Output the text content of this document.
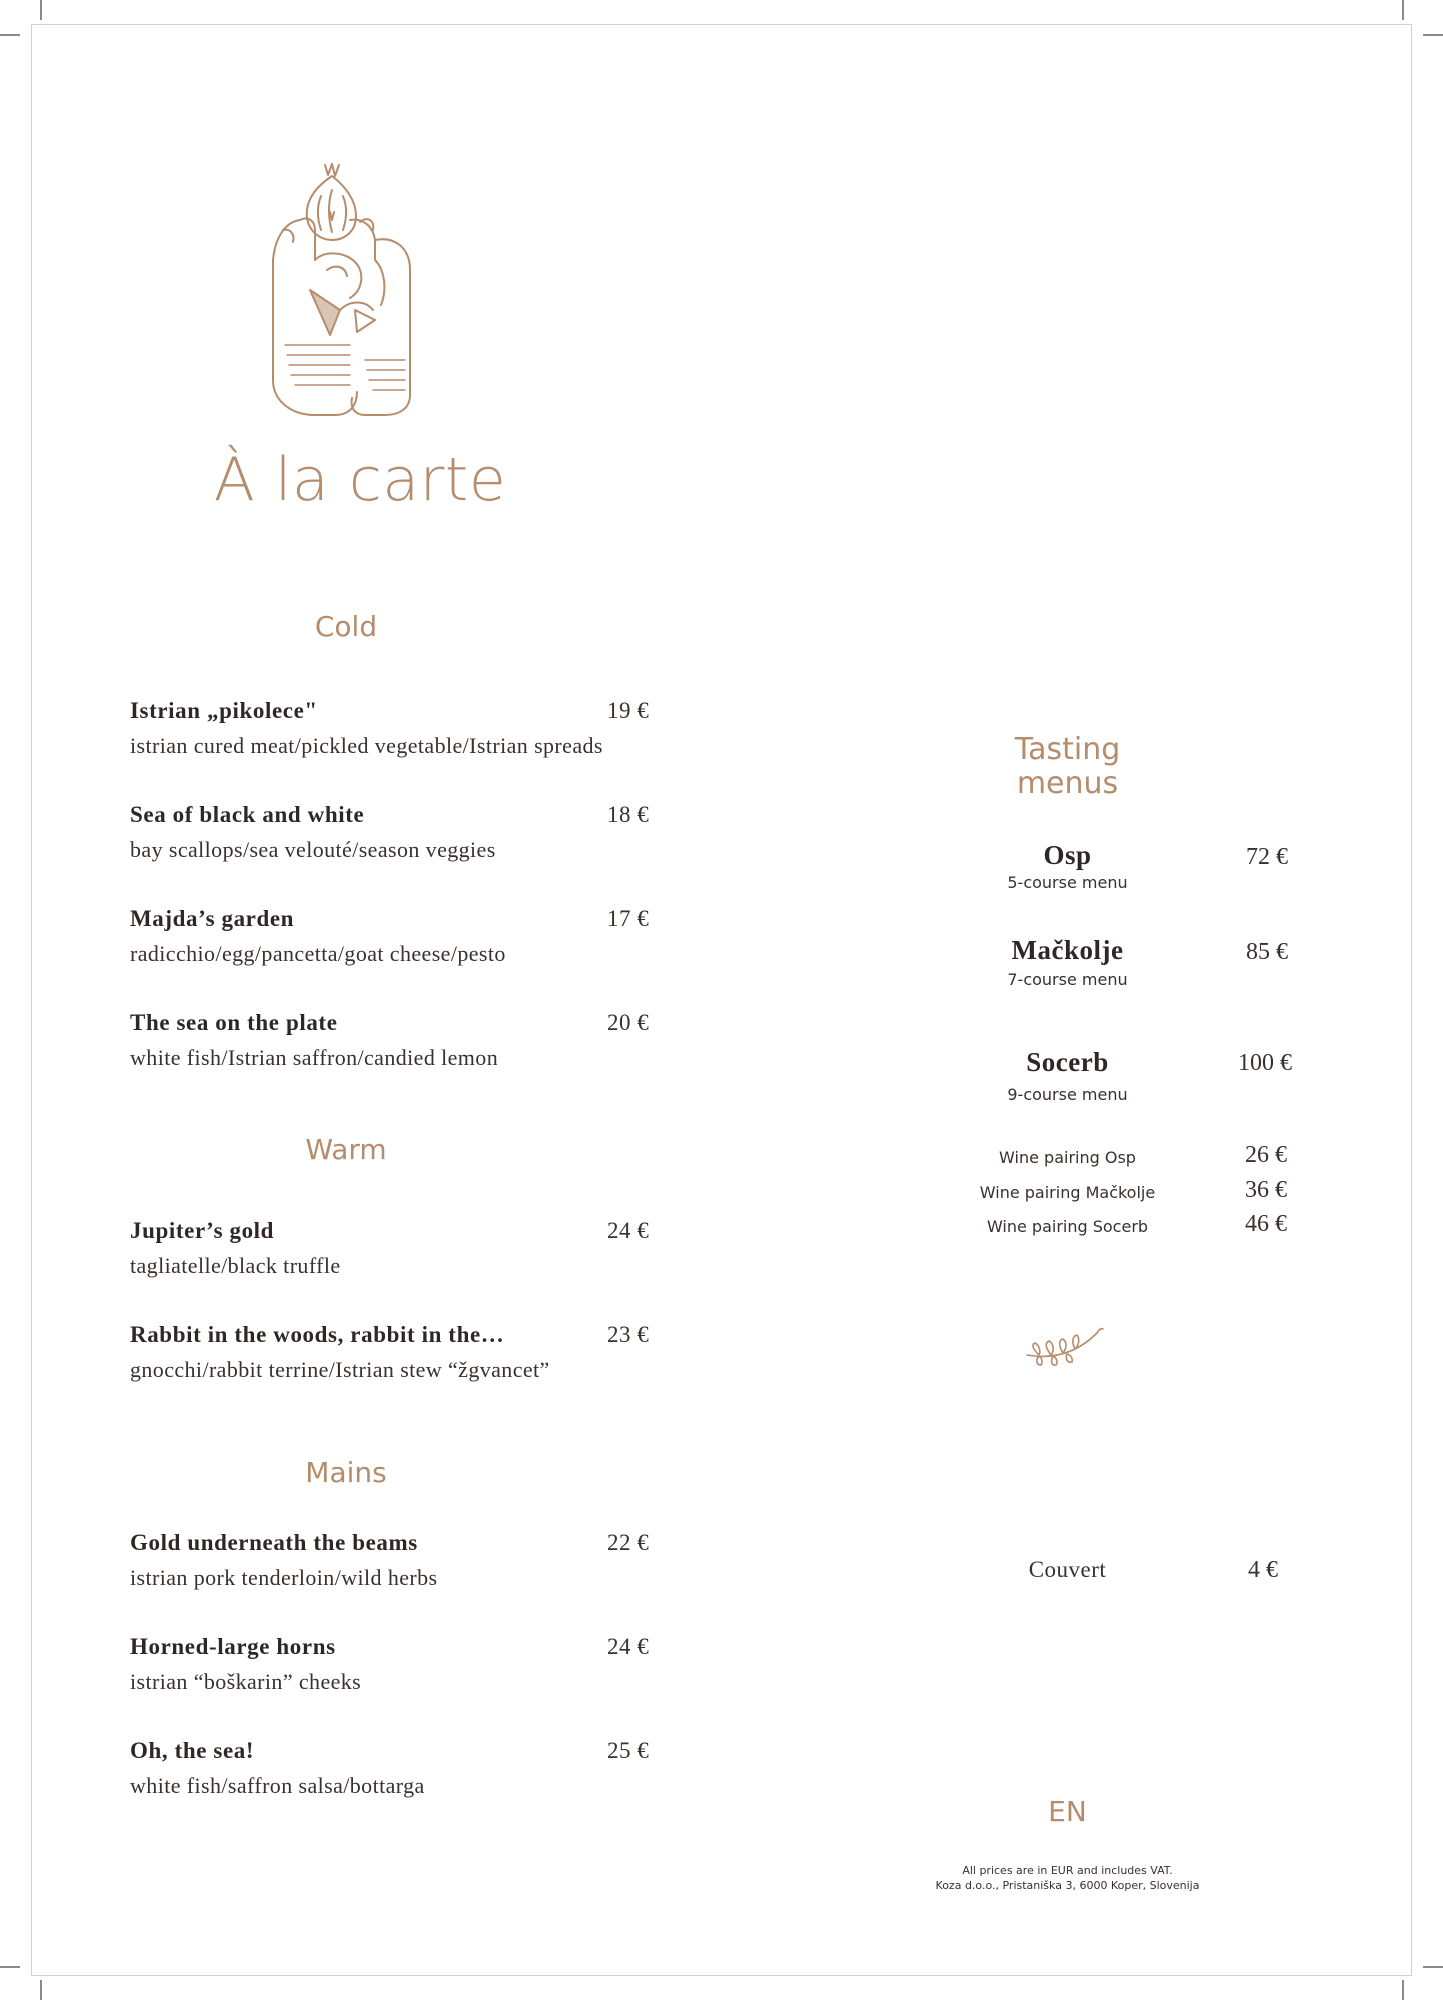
À la carte
Cold

Istrian „pikolece"	19 €

istrian cured meat/pickled vegetable/Istrian spreads

Sea of black and white	18 €

bay scallops/sea velouté/season veggies

Majda’s garden	17 €

radicchio/egg/pancetta/goat cheese/pesto

The sea on the plate	20 €

white fish/Istrian saffron/candied lemon

Warm

Jupiter’s gold	24 €

tagliatelle/black truffle

Rabbit in the woods, rabbit in the…	23 €

gnocchi/rabbit terrine/Istrian stew “žgvancet”

Mains

Gold underneath the beams	22 €

istrian pork tenderloin/wild herbs

Horned-large horns	24 €

istrian “boškarin” cheeks

Oh, the sea!	25 €

white fish/saffron salsa/bottarga

Tasting
menus

Osp	72 €

5-course menu

Mačkolje	85 €

7-course menu

Socerb	100 €

9-course menu

Wine pairing Osp	26 €

Wine pairing Mačkolje	36 €

Wine pairing Socerb	46 €

Couvert	4 €

EN

All prices are in EUR and includes VAT.

Koza d.o.o., Pristaniška 3, 6000 Koper, Slovenija
